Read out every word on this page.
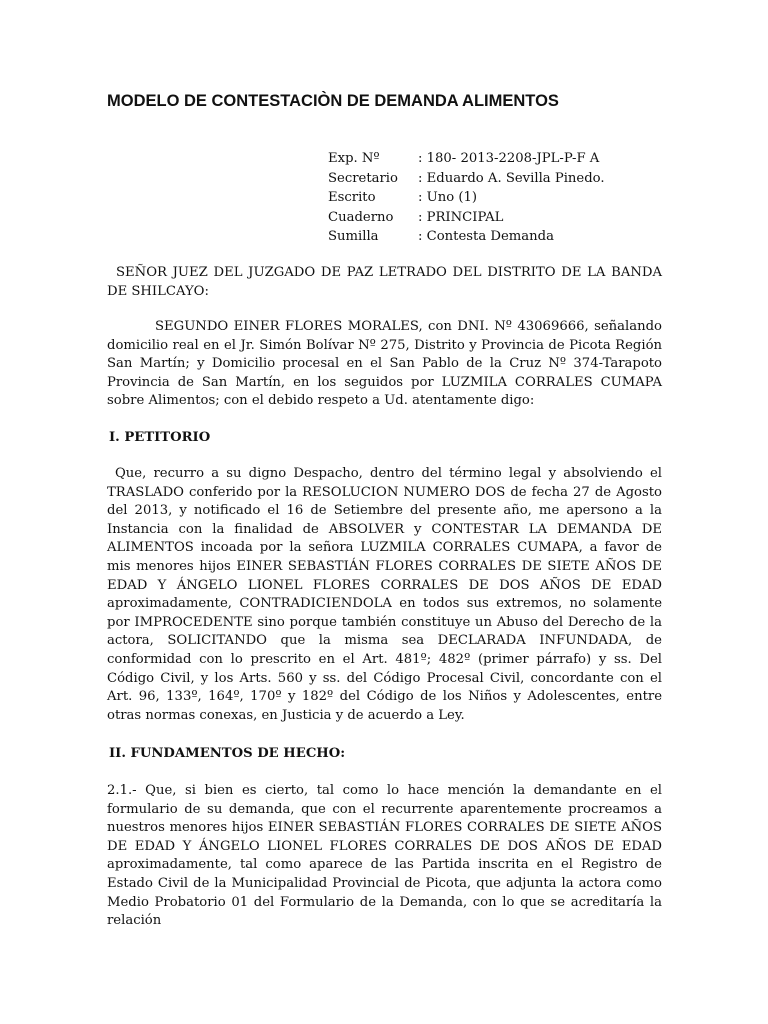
MODELO DE CONTESTACIÒN DE DEMANDA ALIMENTOS
Exp. Nº	: 180- 2013-2208-JPL-P-F A
Secretario	: Eduardo A. Sevilla Pinedo.
Escrito	: Uno (1)
Cuaderno	: PRINCIPAL
Sumilla	: Contesta Demanda
SEÑOR JUEZ DEL JUZGADO DE PAZ LETRADO DEL DISTRITO DE LA BANDA DE SHILCAYO:
SEGUNDO EINER FLORES MORALES, con DNI. Nº 43069666, señalando domicilio real en el Jr. Simón Bolívar Nº 275, Distrito y Provincia de Picota Región San Martín; y Domicilio procesal en el San Pablo de la Cruz Nº 374-Tarapoto Provincia de San Martín, en los seguidos por LUZMILA CORRALES CUMAPA sobre Alimentos; con el debido respeto a Ud. atentamente digo:
I. PETITORIO
Que, recurro a su digno Despacho, dentro del término legal y absolviendo el TRASLADO conferido por la RESOLUCION NUMERO DOS de fecha 27 de Agosto del 2013, y notificado el 16 de Setiembre del presente año, me apersono a la Instancia con la finalidad de ABSOLVER y CONTESTAR LA DEMANDA DE ALIMENTOS incoada por la señora LUZMILA CORRALES CUMAPA, a favor de mis menores hijos EINER SEBASTIÁN FLORES CORRALES DE SIETE AÑOS DE EDAD Y ÁNGELO LIONEL FLORES CORRALES DE DOS AÑOS DE EDAD aproximadamente, CONTRADICIENDOLA en todos sus extremos, no solamente por IMPROCEDENTE sino porque también constituye un Abuso del Derecho de la actora, SOLICITANDO que la misma sea DECLARADA INFUNDADA, de conformidad con lo prescrito en el Art. 481º; 482º (primer párrafo) y ss. Del Código Civil, y los Arts. 560 y ss. del Código Procesal Civil, concordante con el Art. 96, 133º, 164º, 170º y 182º del Código de los Niños y Adolescentes, entre otras normas conexas, en Justicia y de acuerdo a Ley.
II. FUNDAMENTOS DE HECHO:
2.1.- Que, si bien es cierto, tal como lo hace mención la demandante en el formulario de su demanda, que con el recurrente aparentemente procreamos a nuestros menores hijos EINER SEBASTIÁN FLORES CORRALES DE SIETE AÑOS DE EDAD Y ÁNGELO LIONEL FLORES CORRALES DE DOS AÑOS DE EDAD aproximadamente, tal como aparece de las Partida inscrita en el Registro de Estado Civil de la Municipalidad Provincial de Picota, que adjunta la actora como Medio Probatorio 01 del Formulario de la Demanda, con lo que se acreditaría la relación
